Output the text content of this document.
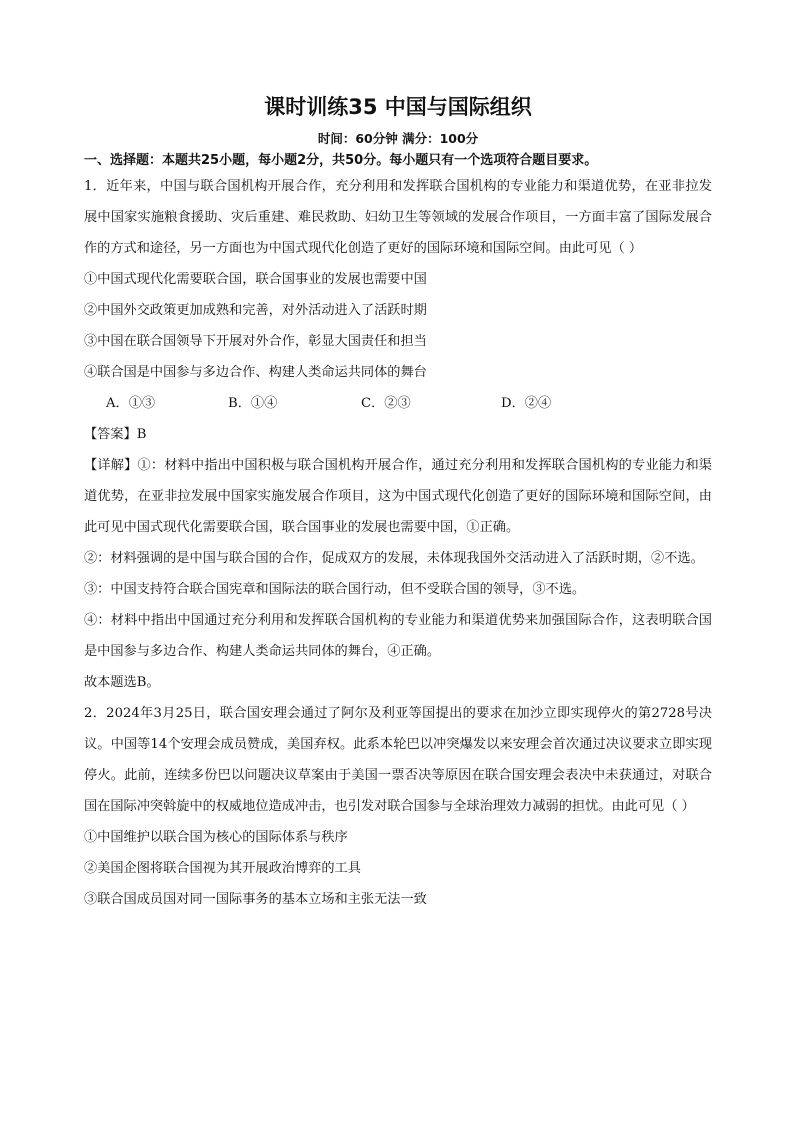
课时训练35 中国与国际组织
时间：60分钟 满分：100分
一、选择题：本题共25小题，每小题2分，共50分。每小题只有一个选项符合题目要求。

1．近年来，中国与联合国机构开展合作，充分利用和发挥联合国机构的专业能力和渠道优势，在亚非拉发展中国家实施粮食援助、灾后重建、难民救助、妇幼卫生等领域的发展合作项目，一方面丰富了国际发展合作的方式和途径，另一方面也为中国式现代化创造了更好的国际环境和国际空间。由此可见（ ）

①中国式现代化需要联合国，联合国事业的发展也需要中国

②中国外交政策更加成熟和完善，对外活动进入了活跃时期

③中国在联合国领导下开展对外合作，彰显大国责任和担当

④联合国是中国参与多边合作、构建人类命运共同体的舞台

A．①③	B．①④	C．②③	D．②④

【答案】B

【详解】①：材料中指出中国积极与联合国机构开展合作，通过充分利用和发挥联合国机构的专业能力和渠道优势，在亚非拉发展中国家实施发展合作项目，这为中国式现代化创造了更好的国际环境和国际空间，由此可见中国式现代化需要联合国，联合国事业的发展也需要中国，①正确。

②：材料强调的是中国与联合国的合作，促成双方的发展，未体现我国外交活动进入了活跃时期，②不选。

③：中国支持符合联合国宪章和国际法的联合国行动，但不受联合国的领导，③不选。

④：材料中指出中国通过充分利用和发挥联合国机构的专业能力和渠道优势来加强国际合作，这表明联合国是中国参与多边合作、构建人类命运共同体的舞台，④正确。

故本题选B。

2．2024年3月25日，联合国安理会通过了阿尔及利亚等国提出的要求在加沙立即实现停火的第2728号决议。中国等14个安理会成员赞成，美国弃权。此系本轮巴以冲突爆发以来安理会首次通过决议要求立即实现停火。此前，连续多份巴以问题决议草案由于美国一票否决等原因在联合国安理会表决中未获通过，对联合国在国际冲突斡旋中的权威地位造成冲击，也引发对联合国参与全球治理效力减弱的担忧。由此可见（ ）

①中国维护以联合国为核心的国际体系与秩序

②美国企图将联合国视为其开展政治博弈的工具

③联合国成员国对同一国际事务的基本立场和主张无法一致
